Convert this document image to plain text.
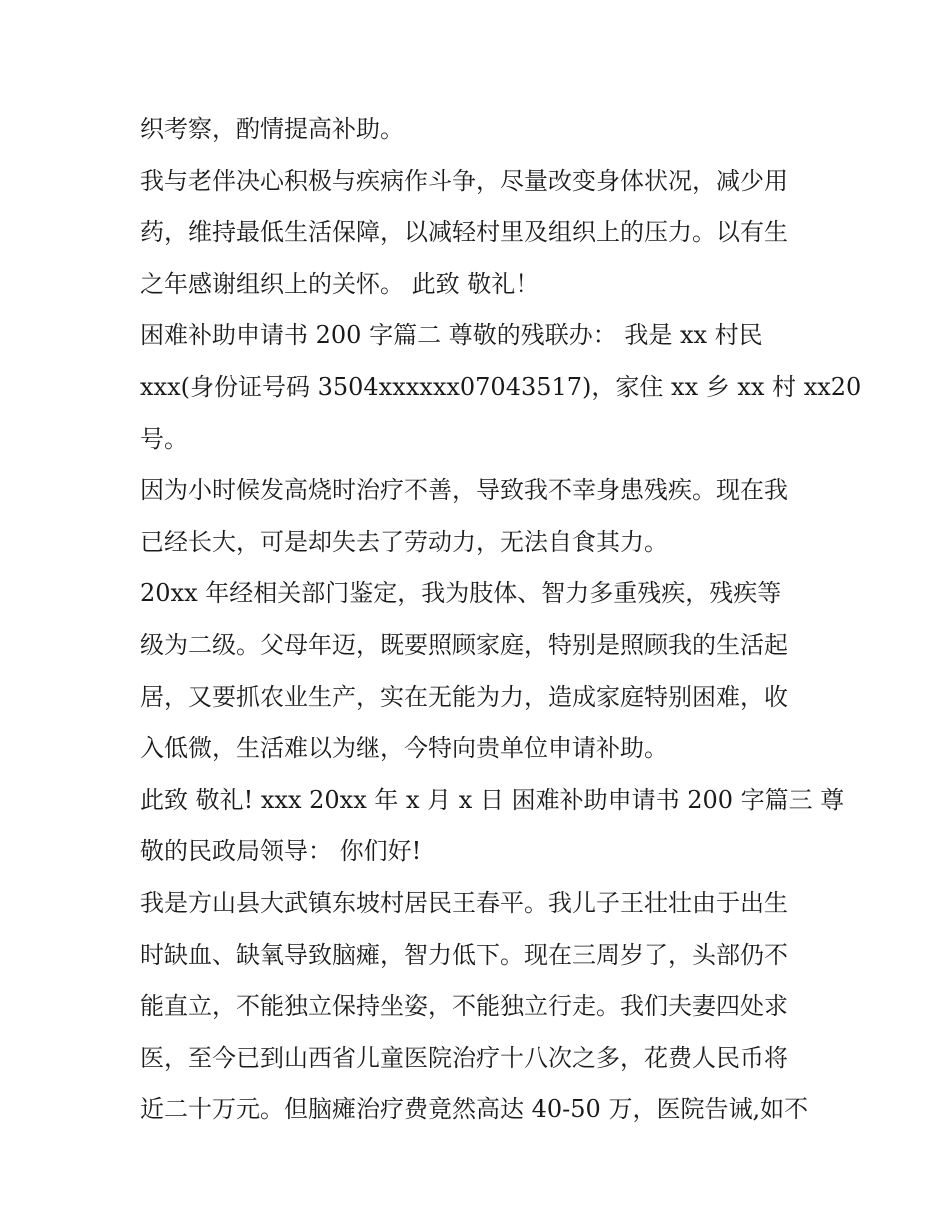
织考察，酌情提高补助。
我与老伴决心积极与疾病作斗争，尽量改变身体状况，减少用
药，维持最低生活保障，以减轻村里及组织上的压力。以有生
之年感谢组织上的关怀。 此致 敬礼！
困难补助申请书 200 字篇二 尊敬的残联办： 我是 xx 村民
xxx(身份证号码 3504xxxxxx07043517)，家住 xx 乡 xx 村 xx20
号。
因为小时候发高烧时治疗不善，导致我不幸身患残疾。现在我
已经长大，可是却失去了劳动力，无法自食其力。
20xx 年经相关部门鉴定，我为肢体、智力多重残疾，残疾等
级为二级。父母年迈，既要照顾家庭，特别是照顾我的生活起
居，又要抓农业生产，实在无能为力，造成家庭特别困难，收
入低微，生活难以为继，今特向贵单位申请补助。
此致 敬礼! xxx 20xx 年 x 月 x 日 困难补助申请书 200 字篇三 尊
敬的民政局领导： 你们好!
我是方山县大武镇东坡村居民王春平。我儿子王壮壮由于出生
时缺血、缺氧导致脑瘫，智力低下。现在三周岁了，头部仍不
能直立，不能独立保持坐姿，不能独立行走。我们夫妻四处求
医，至今已到山西省儿童医院治疗十八次之多，花费人民币将
近二十万元。但脑瘫治疗费竟然高达 40-50 万，医院告诫,如不
